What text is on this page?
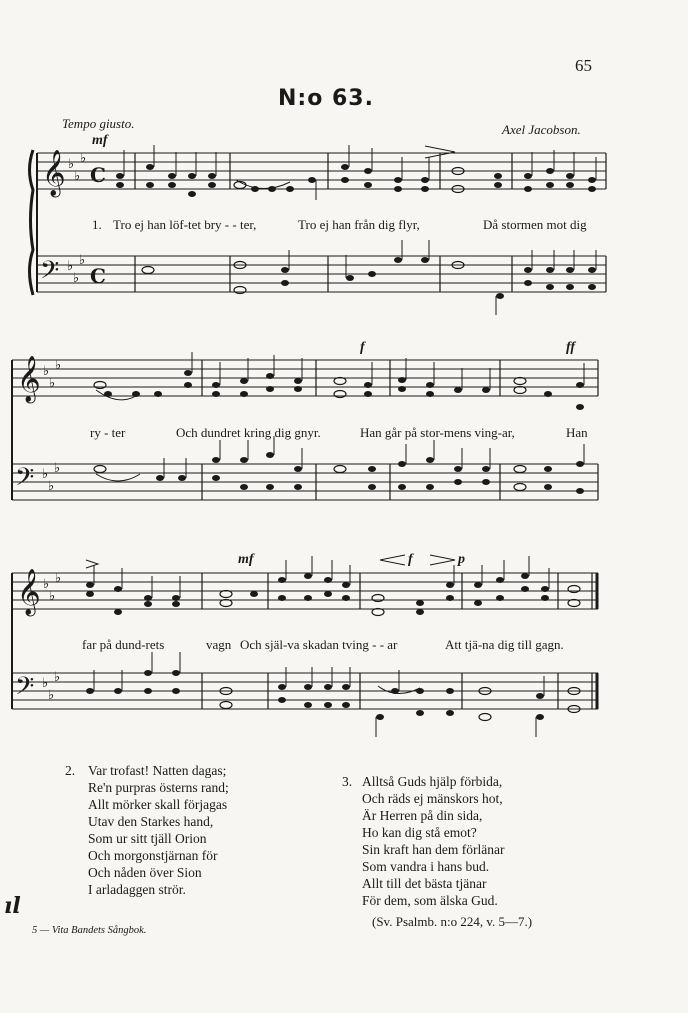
65
N:o 63.
Tempo giusto.	Axel Jacobson.
𝄞
𝄢
♭
♭
♭
♭
♭
♭
C
C
𝄞
𝄢
♭
♭
♭
♭
♭
♭
𝄞
𝄢
♭
♭
♭
♭
♭
♭
mf
f	ff
mf	f	p
1. Tro ej han löf-tet bry - - ter,	Tro ej han från dig flyr,	Då stormen mot dig
ry - ter	Och dundret kring dig gnyr.	Han går på stor-mens ving-ar,	Han
far på dund-rets	vagn Och själ-va skadan tving - - ar	Att tjä-na dig till gagn.
2. Var trofast! Natten dagas;
Re'n purpras österns rand;
Allt mörker skall förjagas
Utav den Starkes hand,
Som ur sitt tjäll Orion
Och morgonstjärnan för
Och nåden över Sion
I arladaggen strör.
3. Alltså Guds hjälp förbida,
Och räds ej mänskors hot,
Är Herren på din sida,
Ho kan dig stå emot?
Sin kraft han dem förlänar
Som vandra i hans bud.
Allt till det bästa tjänar
För dem, som älska Gud.
(Sv. Psalmb. n:o 224, v. 5—7.)
5 — Vita Bandets Sångbok.
ıl
